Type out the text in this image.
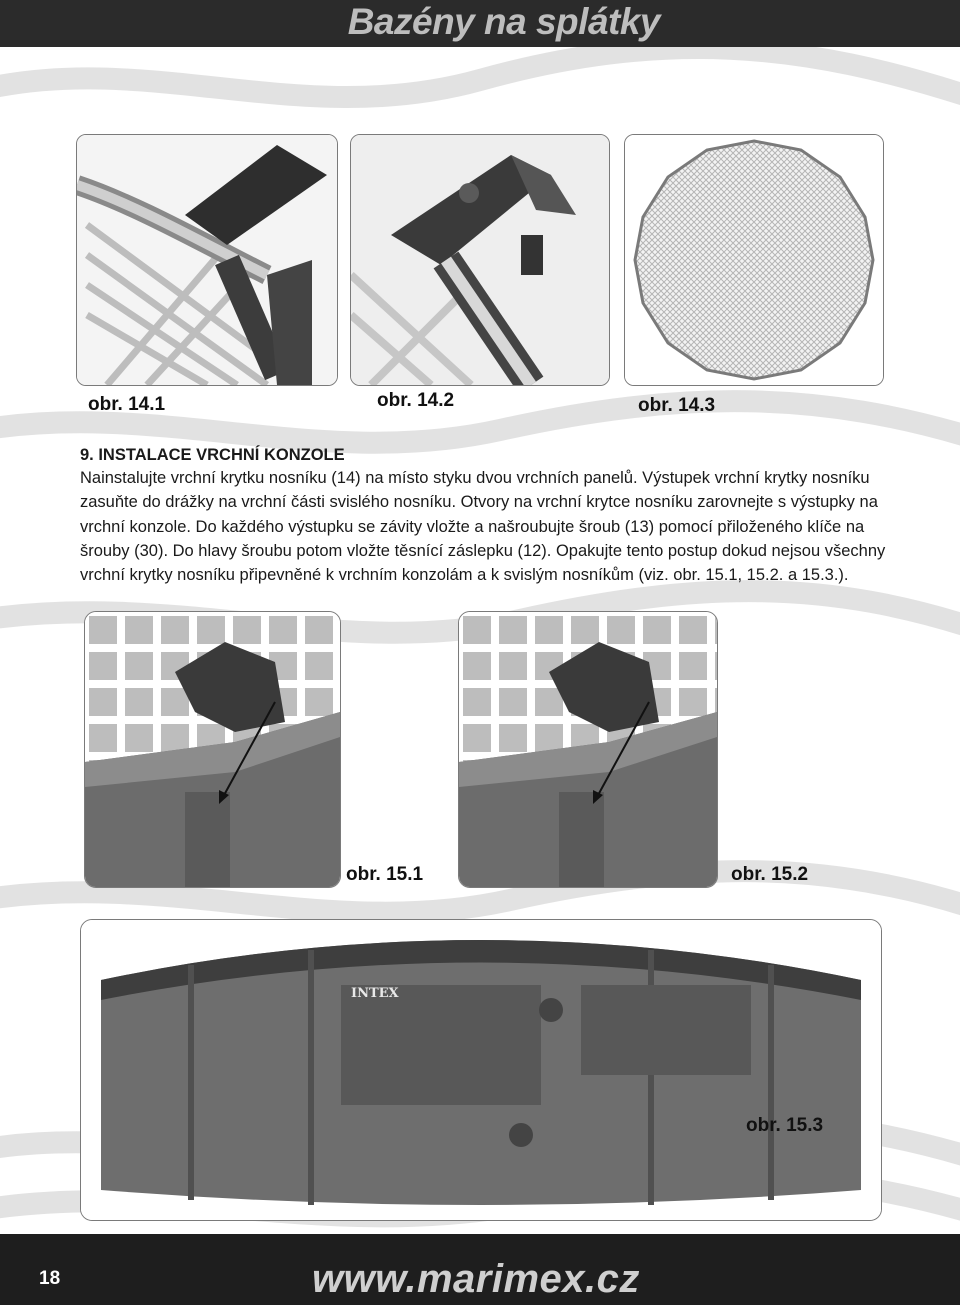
Bazény na splátky
obr. 14.1	obr. 14.2	obr. 14.3

9. INSTALACE VRCHNÍ KONZOLE

Nainstalujte vrchní krytku nosníku (14) na místo styku dvou vrchních panelů. Výstupek vrchní krytky nosníku zasuňte do drážky na vrchní části svislého nosníku. Otvory na vrchní krytce nosníku zarovnejte s výstupky na vrchní konzole. Do každého výstupku se závity vložte a našroubujte šroub (13) pomocí přiloženého klíče na šrouby (30). Do hlavy šroubu potom vložte těsnící záslepku (12). Opakujte tento postup dokud nejsou všechny vrchní krytky nosníku připevněné k vrchním konzolám a k svislým nosníkům (viz. obr. 15.1, 15.2. a 15.3.).

obr. 15.1	obr. 15.2
INTEX
obr. 15.3
18	www.marimex.cz
